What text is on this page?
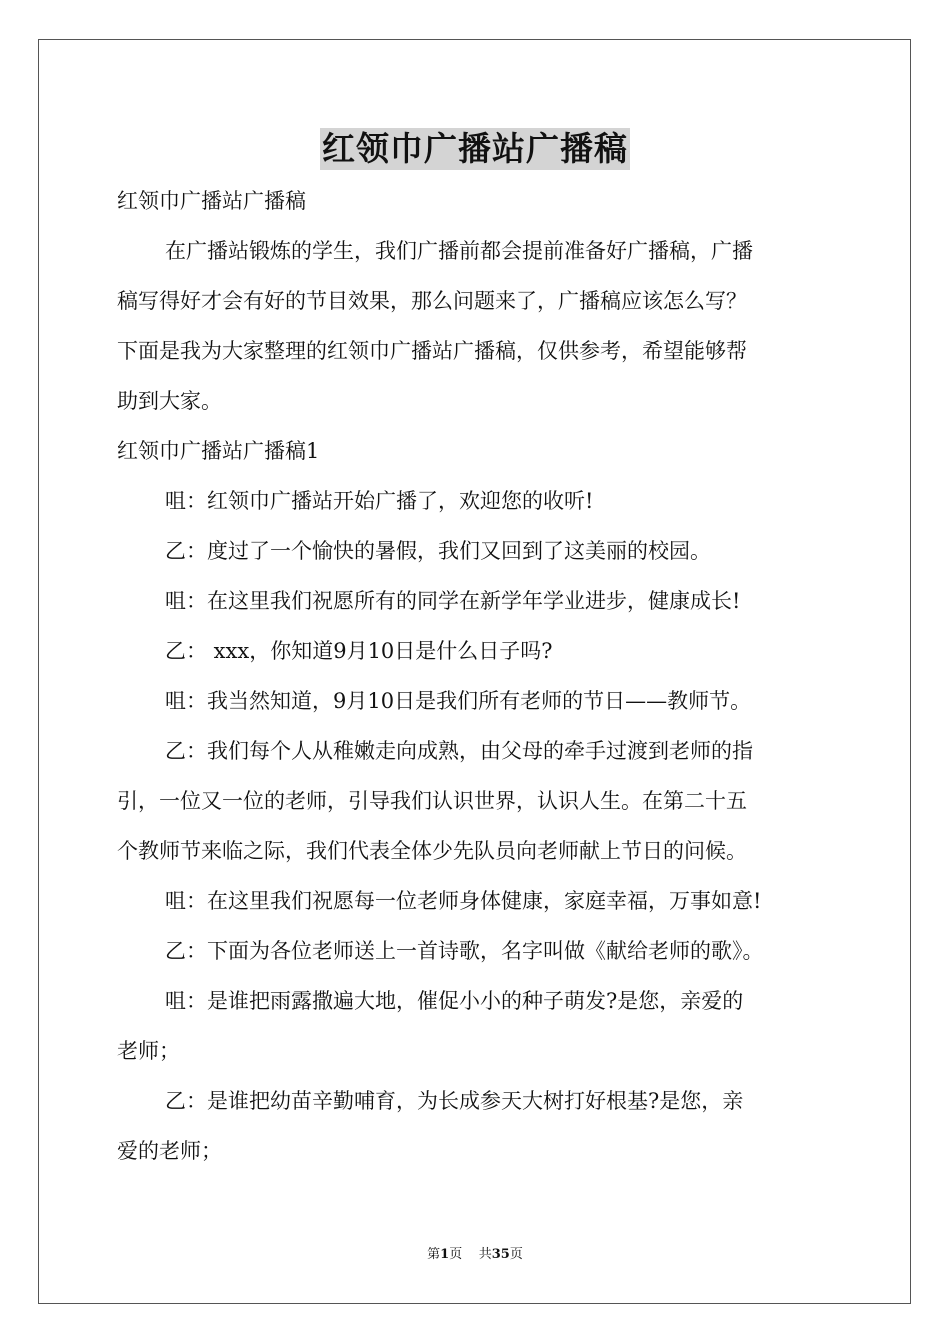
红领巾广播站广播稿

红领巾广播站广播稿

在广播站锻炼的学生，我们广播前都会提前准备好广播稿，广播

稿写得好才会有好的节目效果，那么问题来了，广播稿应该怎么写？

下面是我为大家整理的红领巾广播站广播稿，仅供参考，希望能够帮

助到大家。

红领巾广播站广播稿1

咀：红领巾广播站开始广播了，欢迎您的收听!

乙：度过了一个愉快的暑假，我们又回到了这美丽的校园。

咀：在这里我们祝愿所有的同学在新学年学业进步，健康成长!

乙： xxx，你知道9月10日是什么日子吗?

咀：我当然知道，9月10日是我们所有老师的节日——教师节。

乙：我们每个人从稚嫩走向成熟，由父母的牵手过渡到老师的指

引，一位又一位的老师，引导我们认识世界，认识人生。在第二十五

个教师节来临之际，我们代表全体少先队员向老师献上节日的问候。

咀：在这里我们祝愿每一位老师身体健康，家庭幸福，万事如意!

乙：下面为各位老师送上一首诗歌，名字叫做《献给老师的歌》。

咀：是谁把雨露撒遍大地，催促小小的种子萌发?是您，亲爱的

老师；

乙：是谁把幼苗辛勤哺育，为长成参天大树打好根基?是您，亲

爱的老师；

第1页 共35页
